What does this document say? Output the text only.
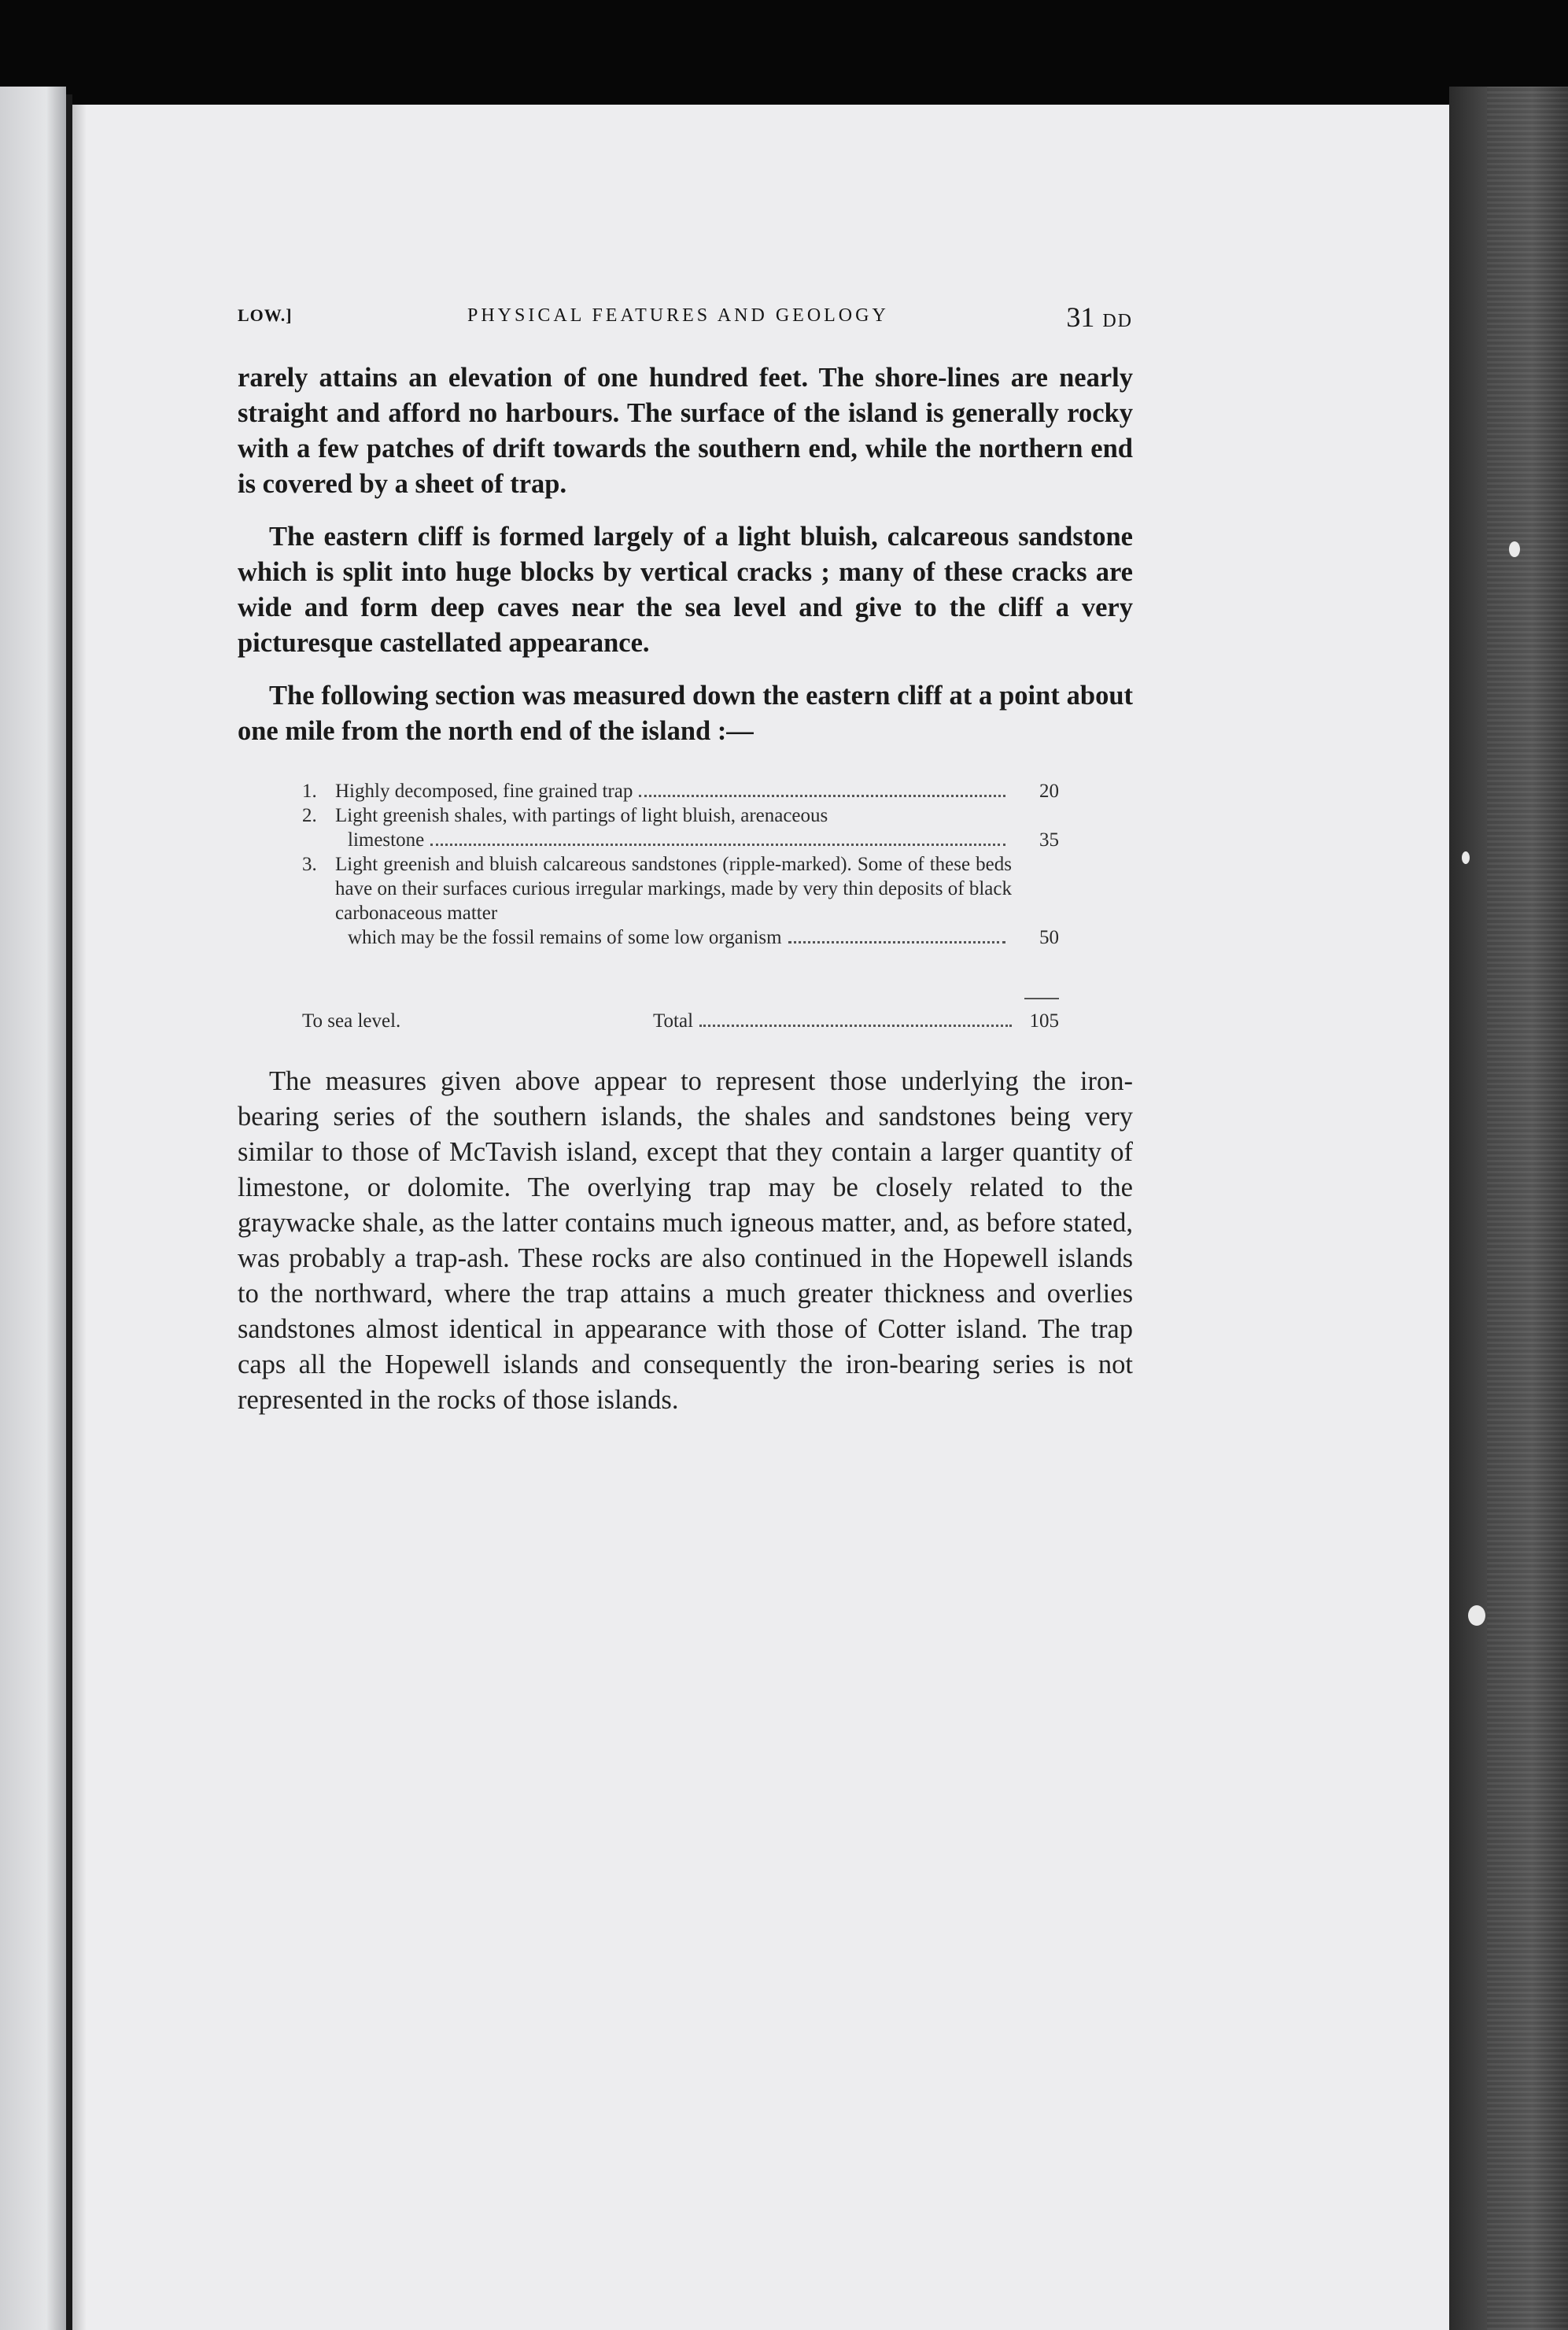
LOW.]	PHYSICAL FEATURES AND GEOLOGY	31 DD

rarely attains an elevation of one hundred feet. The shore-lines are nearly straight and afford no harbours. The surface of the island is generally rocky with a few patches of drift towards the southern end, while the northern end is covered by a sheet of trap.

The eastern cliff is formed largely of a light bluish, calcareous sandstone which is split into huge blocks by vertical cracks ; many of these cracks are wide and form deep caves near the sea level and give to the cliff a very picturesque castellated appearance.

The following section was measured down the eastern cliff at a point about one mile from the north end of the island :—

1. Highly decomposed, fine grained trap	20
2. Light greenish shales, with partings of light bluish, arenaceous
limestone	35
3. Light greenish and bluish calcareous sandstones (ripple-marked). Some of these beds have on their surfaces curious irregular markings, made by very thin deposits of black carbonaceous matter
which may be the fossil remains of some low organism	50
To sea level.	Total	105

The measures given above appear to represent those underlying the iron-bearing series of the southern islands, the shales and sandstones being very similar to those of McTavish island, except that they contain a larger quantity of limestone, or dolomite. The overlying trap may be closely related to the graywacke shale, as the latter contains much igneous matter, and, as before stated, was probably a trap-ash. These rocks are also continued in the Hopewell islands to the northward, where the trap attains a much greater thickness and overlies sandstones almost identical in appearance with those of Cotter island. The trap caps all the Hopewell islands and consequently the iron-bearing series is not represented in the rocks of those islands.
